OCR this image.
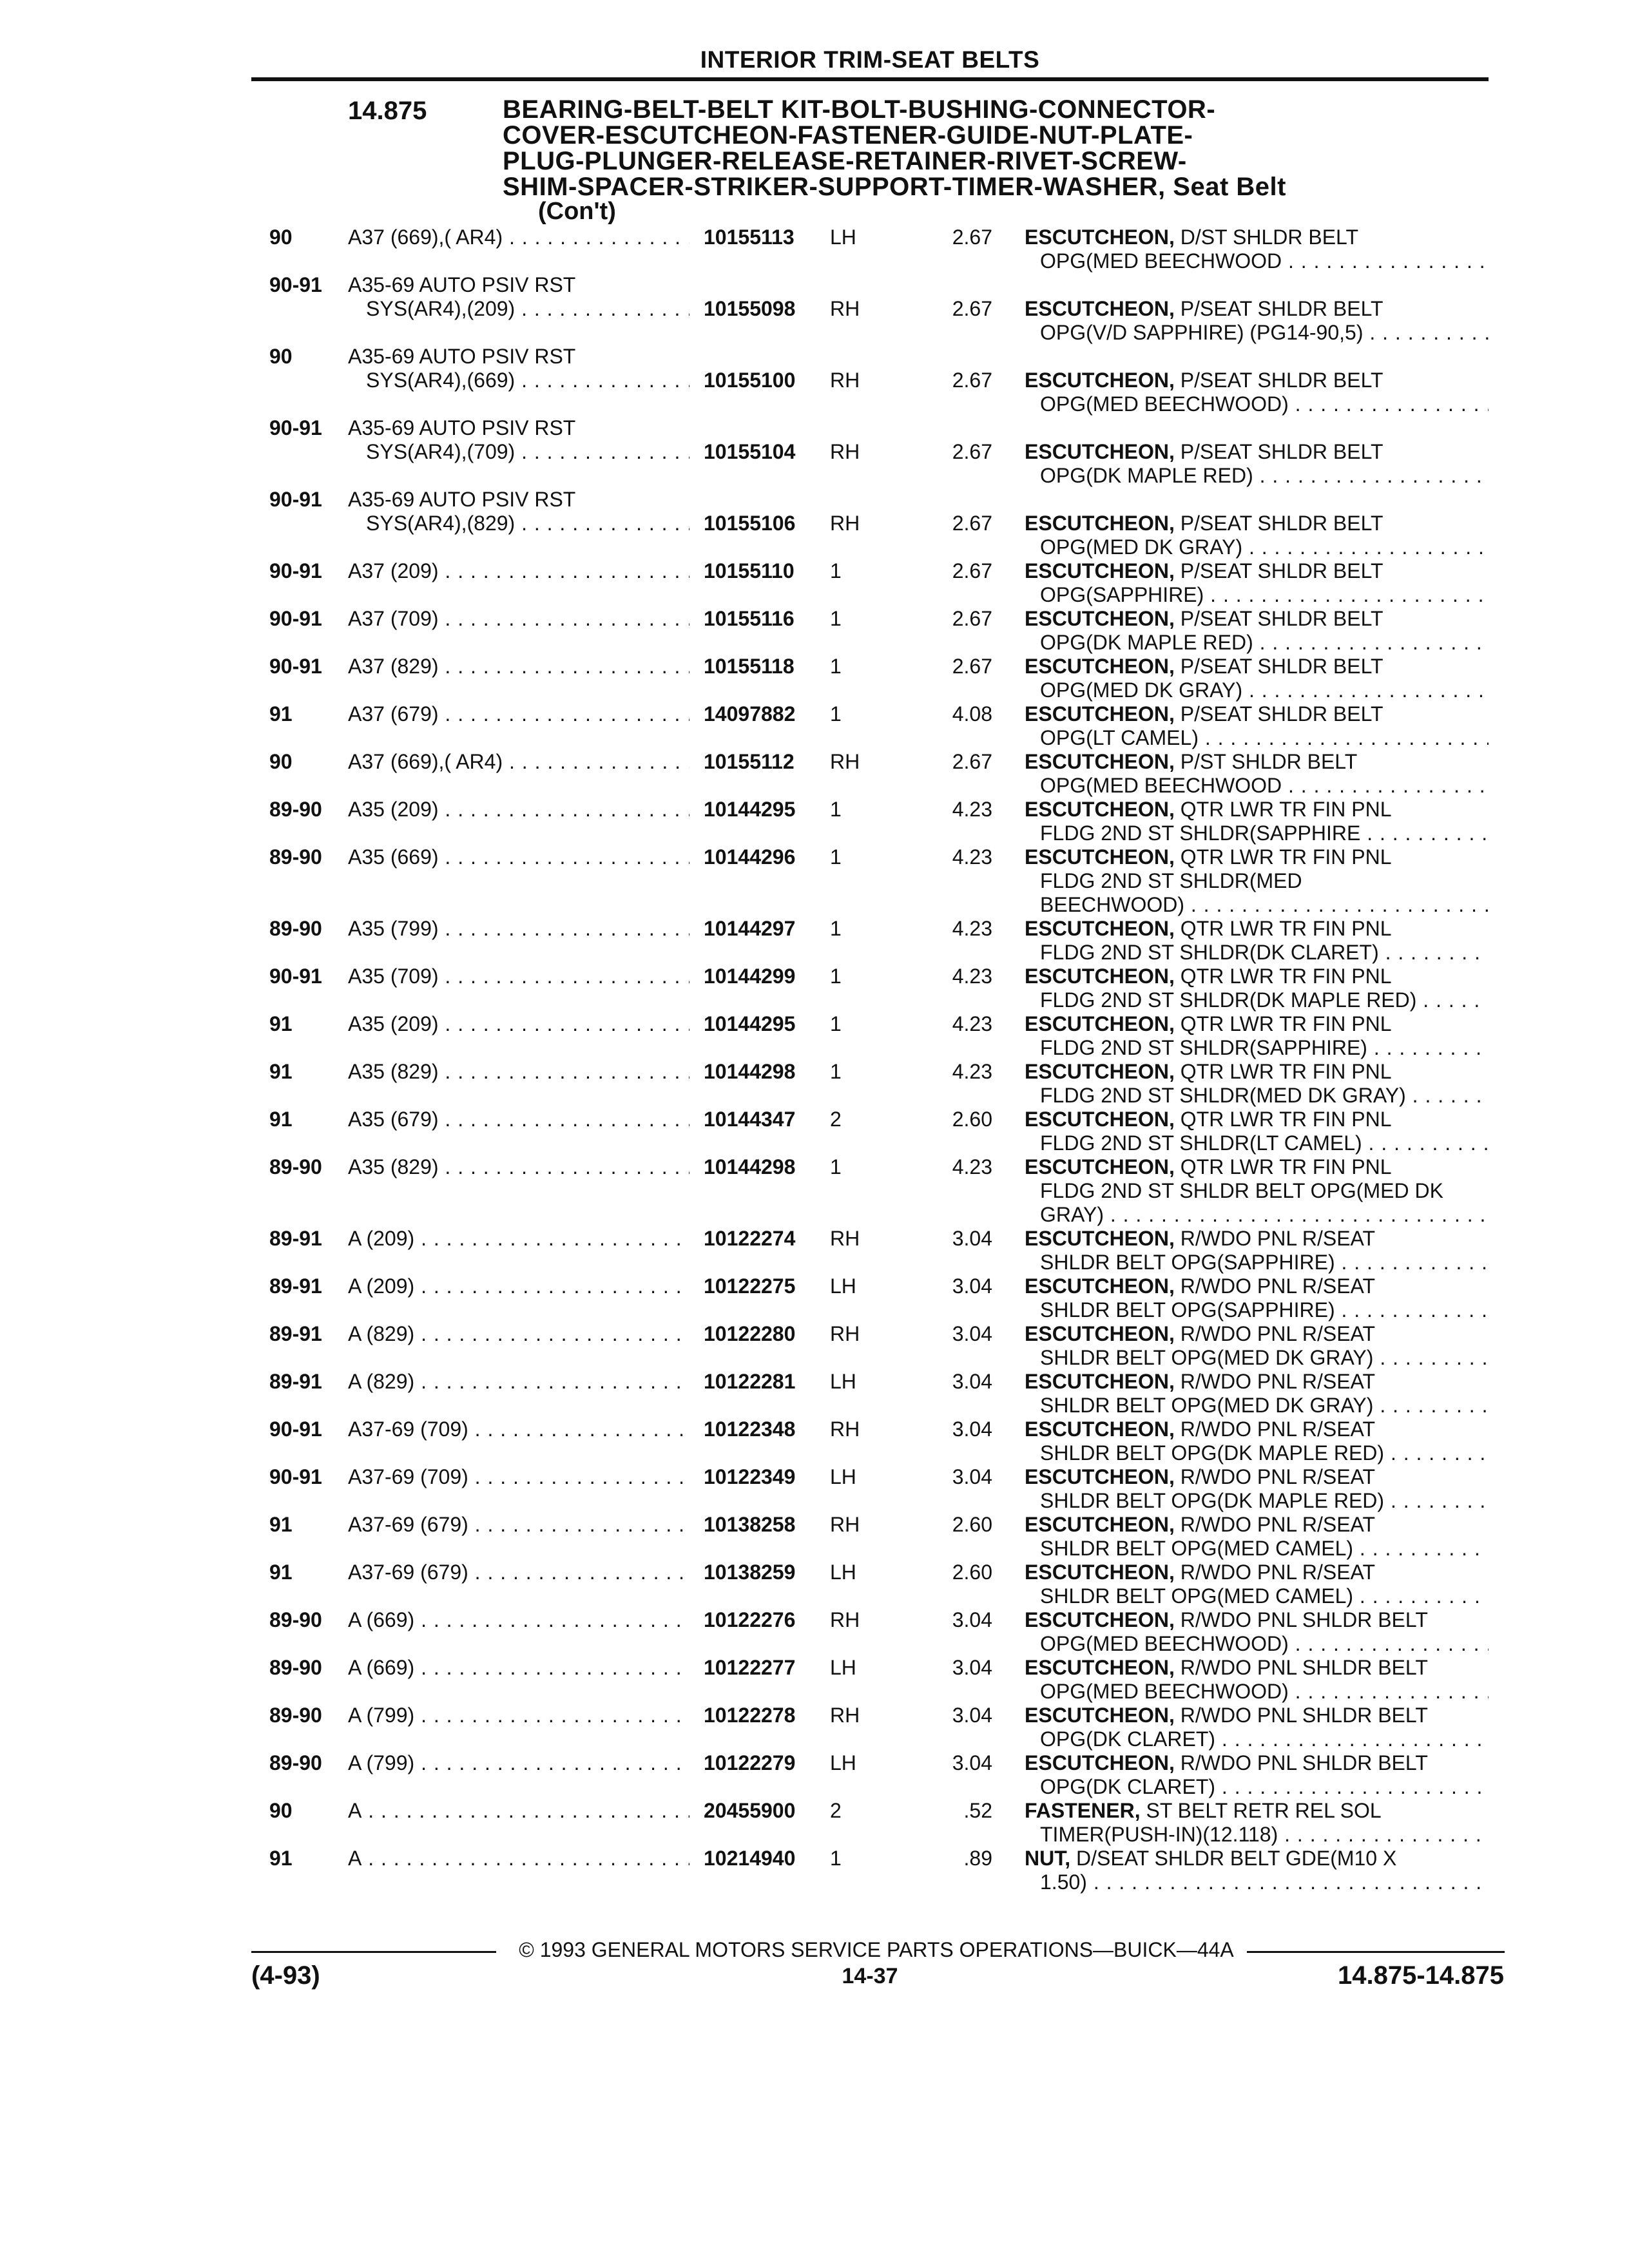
INTERIOR TRIM-SEAT BELTS
14.875	BEARING-BELT-BELT KIT-BOLT-BUSHING-CONNECTOR-
COVER-ESCUTCHEON-FASTENER-GUIDE-NUT-PLATE-
PLUG-PLUNGER-RELEASE-RETAINER-RIVET-SCREW-
SHIM-SPACER-STRIKER-SUPPORT-TIMER-WASHER, Seat Belt
(Con't)
90	A37 (669),( AR4) . . .	10155113 LH	2.67 ESCUTCHEON, D/ST SHLDR BELT
OPG(MED BEECHWOOD . . .
90-91 A35-69 AUTO PSIV RST
SYS(AR4),(209) . . .	10155098 RH	2.67 ESCUTCHEON, P/SEAT SHLDR BELT
OPG(V/D SAPPHIRE) (PG14-90,5) . . .
90	A35-69 AUTO PSIV RST
SYS(AR4),(669) . . .	10155100 RH	2.67 ESCUTCHEON, P/SEAT SHLDR BELT
OPG(MED BEECHWOOD) . . .
90-91 A35-69 AUTO PSIV RST
SYS(AR4),(709) . . .	10155104 RH	2.67 ESCUTCHEON, P/SEAT SHLDR BELT
OPG(DK MAPLE RED) . . .
90-91 A35-69 AUTO PSIV RST
SYS(AR4),(829) . . .	10155106 RH	2.67 ESCUTCHEON, P/SEAT SHLDR BELT
OPG(MED DK GRAY) . . .
90-91 A37 (209) . . .	10155110 1	2.67 ESCUTCHEON, P/SEAT SHLDR BELT
OPG(SAPPHIRE) . . .
90-91 A37 (709) . . .	10155116 1	2.67 ESCUTCHEON, P/SEAT SHLDR BELT
OPG(DK MAPLE RED) . . .
90-91 A37 (829) . . .	10155118 1	2.67 ESCUTCHEON, P/SEAT SHLDR BELT
OPG(MED DK GRAY) . . .
91	A37 (679) . . .	14097882 1	4.08 ESCUTCHEON, P/SEAT SHLDR BELT
OPG(LT CAMEL) . . .
90	A37 (669),( AR4) . . .	10155112 RH	2.67 ESCUTCHEON, P/ST SHLDR BELT
OPG(MED BEECHWOOD . . .
89-90 A35 (209) . . .	10144295 1	4.23 ESCUTCHEON, QTR LWR TR FIN PNL
FLDG 2ND ST SHLDR(SAPPHIRE . . .
89-90 A35 (669) . . .	10144296 1	4.23 ESCUTCHEON, QTR LWR TR FIN PNL
FLDG 2ND ST SHLDR(MED
BEECHWOOD) . . .
89-90 A35 (799) . . .	10144297 1	4.23 ESCUTCHEON, QTR LWR TR FIN PNL
FLDG 2ND ST SHLDR(DK CLARET) . . .
90-91 A35 (709) . . .	10144299 1	4.23 ESCUTCHEON, QTR LWR TR FIN PNL
FLDG 2ND ST SHLDR(DK MAPLE RED) . . .
91	A35 (209) . . .	10144295 1	4.23 ESCUTCHEON, QTR LWR TR FIN PNL
FLDG 2ND ST SHLDR(SAPPHIRE) . . .
91	A35 (829) . . .	10144298 1	4.23 ESCUTCHEON, QTR LWR TR FIN PNL
FLDG 2ND ST SHLDR(MED DK GRAY) . . .
91	A35 (679) . . .	10144347 2	2.60 ESCUTCHEON, QTR LWR TR FIN PNL
FLDG 2ND ST SHLDR(LT CAMEL) . . .
89-90 A35 (829) . . .	10144298 1	4.23 ESCUTCHEON, QTR LWR TR FIN PNL
FLDG 2ND ST SHLDR BELT OPG(MED DK
GRAY) . . .
89-91 A (209) . . .	10122274 RH	3.04 ESCUTCHEON, R/WDO PNL R/SEAT
SHLDR BELT OPG(SAPPHIRE) . . .
89-91 A (209) . . .	10122275 LH	3.04 ESCUTCHEON, R/WDO PNL R/SEAT
SHLDR BELT OPG(SAPPHIRE) . . .
89-91 A (829) . . .	10122280 RH	3.04 ESCUTCHEON, R/WDO PNL R/SEAT
SHLDR BELT OPG(MED DK GRAY) . . .
89-91 A (829) . . .	10122281 LH	3.04 ESCUTCHEON, R/WDO PNL R/SEAT
SHLDR BELT OPG(MED DK GRAY) . . .
90-91 A37-69 (709) . . .	10122348 RH	3.04 ESCUTCHEON, R/WDO PNL R/SEAT
SHLDR BELT OPG(DK MAPLE RED) . . .
90-91 A37-69 (709) . . .	10122349 LH	3.04 ESCUTCHEON, R/WDO PNL R/SEAT
SHLDR BELT OPG(DK MAPLE RED) . . .
91	A37-69 (679) . . .	10138258 RH	2.60 ESCUTCHEON, R/WDO PNL R/SEAT
SHLDR BELT OPG(MED CAMEL) . . .
91	A37-69 (679) . . .	10138259 LH	2.60 ESCUTCHEON, R/WDO PNL R/SEAT
SHLDR BELT OPG(MED CAMEL) . . .
89-90 A (669) . . .	10122276 RH	3.04 ESCUTCHEON, R/WDO PNL SHLDR BELT
OPG(MED BEECHWOOD) . . .
89-90 A (669) . . .	10122277 LH	3.04 ESCUTCHEON, R/WDO PNL SHLDR BELT
OPG(MED BEECHWOOD) . . .
89-90 A (799) . . .	10122278 RH	3.04 ESCUTCHEON, R/WDO PNL SHLDR BELT
OPG(DK CLARET) . . .
89-90 A (799) . . .	10122279 LH	3.04 ESCUTCHEON, R/WDO PNL SHLDR BELT
OPG(DK CLARET) . . .
90	A . . .	20455900 2	.52 FASTENER, ST BELT RETR REL SOL
TIMER(PUSH-IN)(12.118) . . .
91	A . . .	10214940 1	.89 NUT, D/SEAT SHLDR BELT GDE(M10 X
1.50) . . .
© 1993 GENERAL MOTORS SERVICE PARTS OPERATIONS—BUICK—44A
(4-93)	14-37	14.875-14.875
